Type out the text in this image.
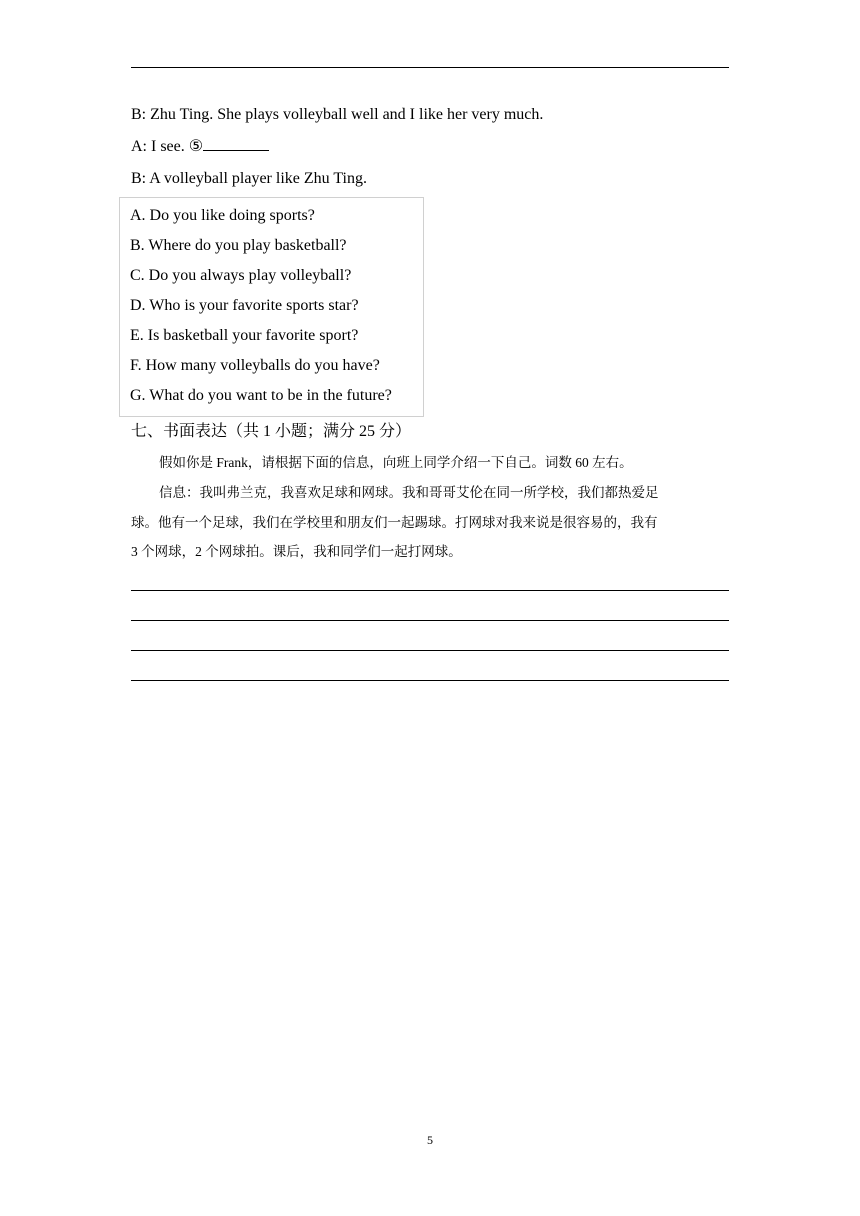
B: Zhu Ting. She plays volleyball well and I like her very much.
A: I see. ⑤
B: A volleyball player like Zhu Ting.
A. Do you like doing sports?
B. Where do you play basketball?
C. Do you always play volleyball?
D. Who is your favorite sports star?
E. Is basketball your favorite sport?
F. How many volleyballs do you have?
G. What do you want to be in the future?
七、书面表达（共 1 小题；满分 25 分）
假如你是 Frank，请根据下面的信息，向班上同学介绍一下自己。词数 60 左右。
信息：我叫弗兰克，我喜欢足球和网球。我和哥哥艾伦在同一所学校，我们都热爱足
球。他有一个足球，我们在学校里和朋友们一起踢球。打网球对我来说是很容易的，我有
3 个网球，2 个网球拍。课后，我和同学们一起打网球。
5
